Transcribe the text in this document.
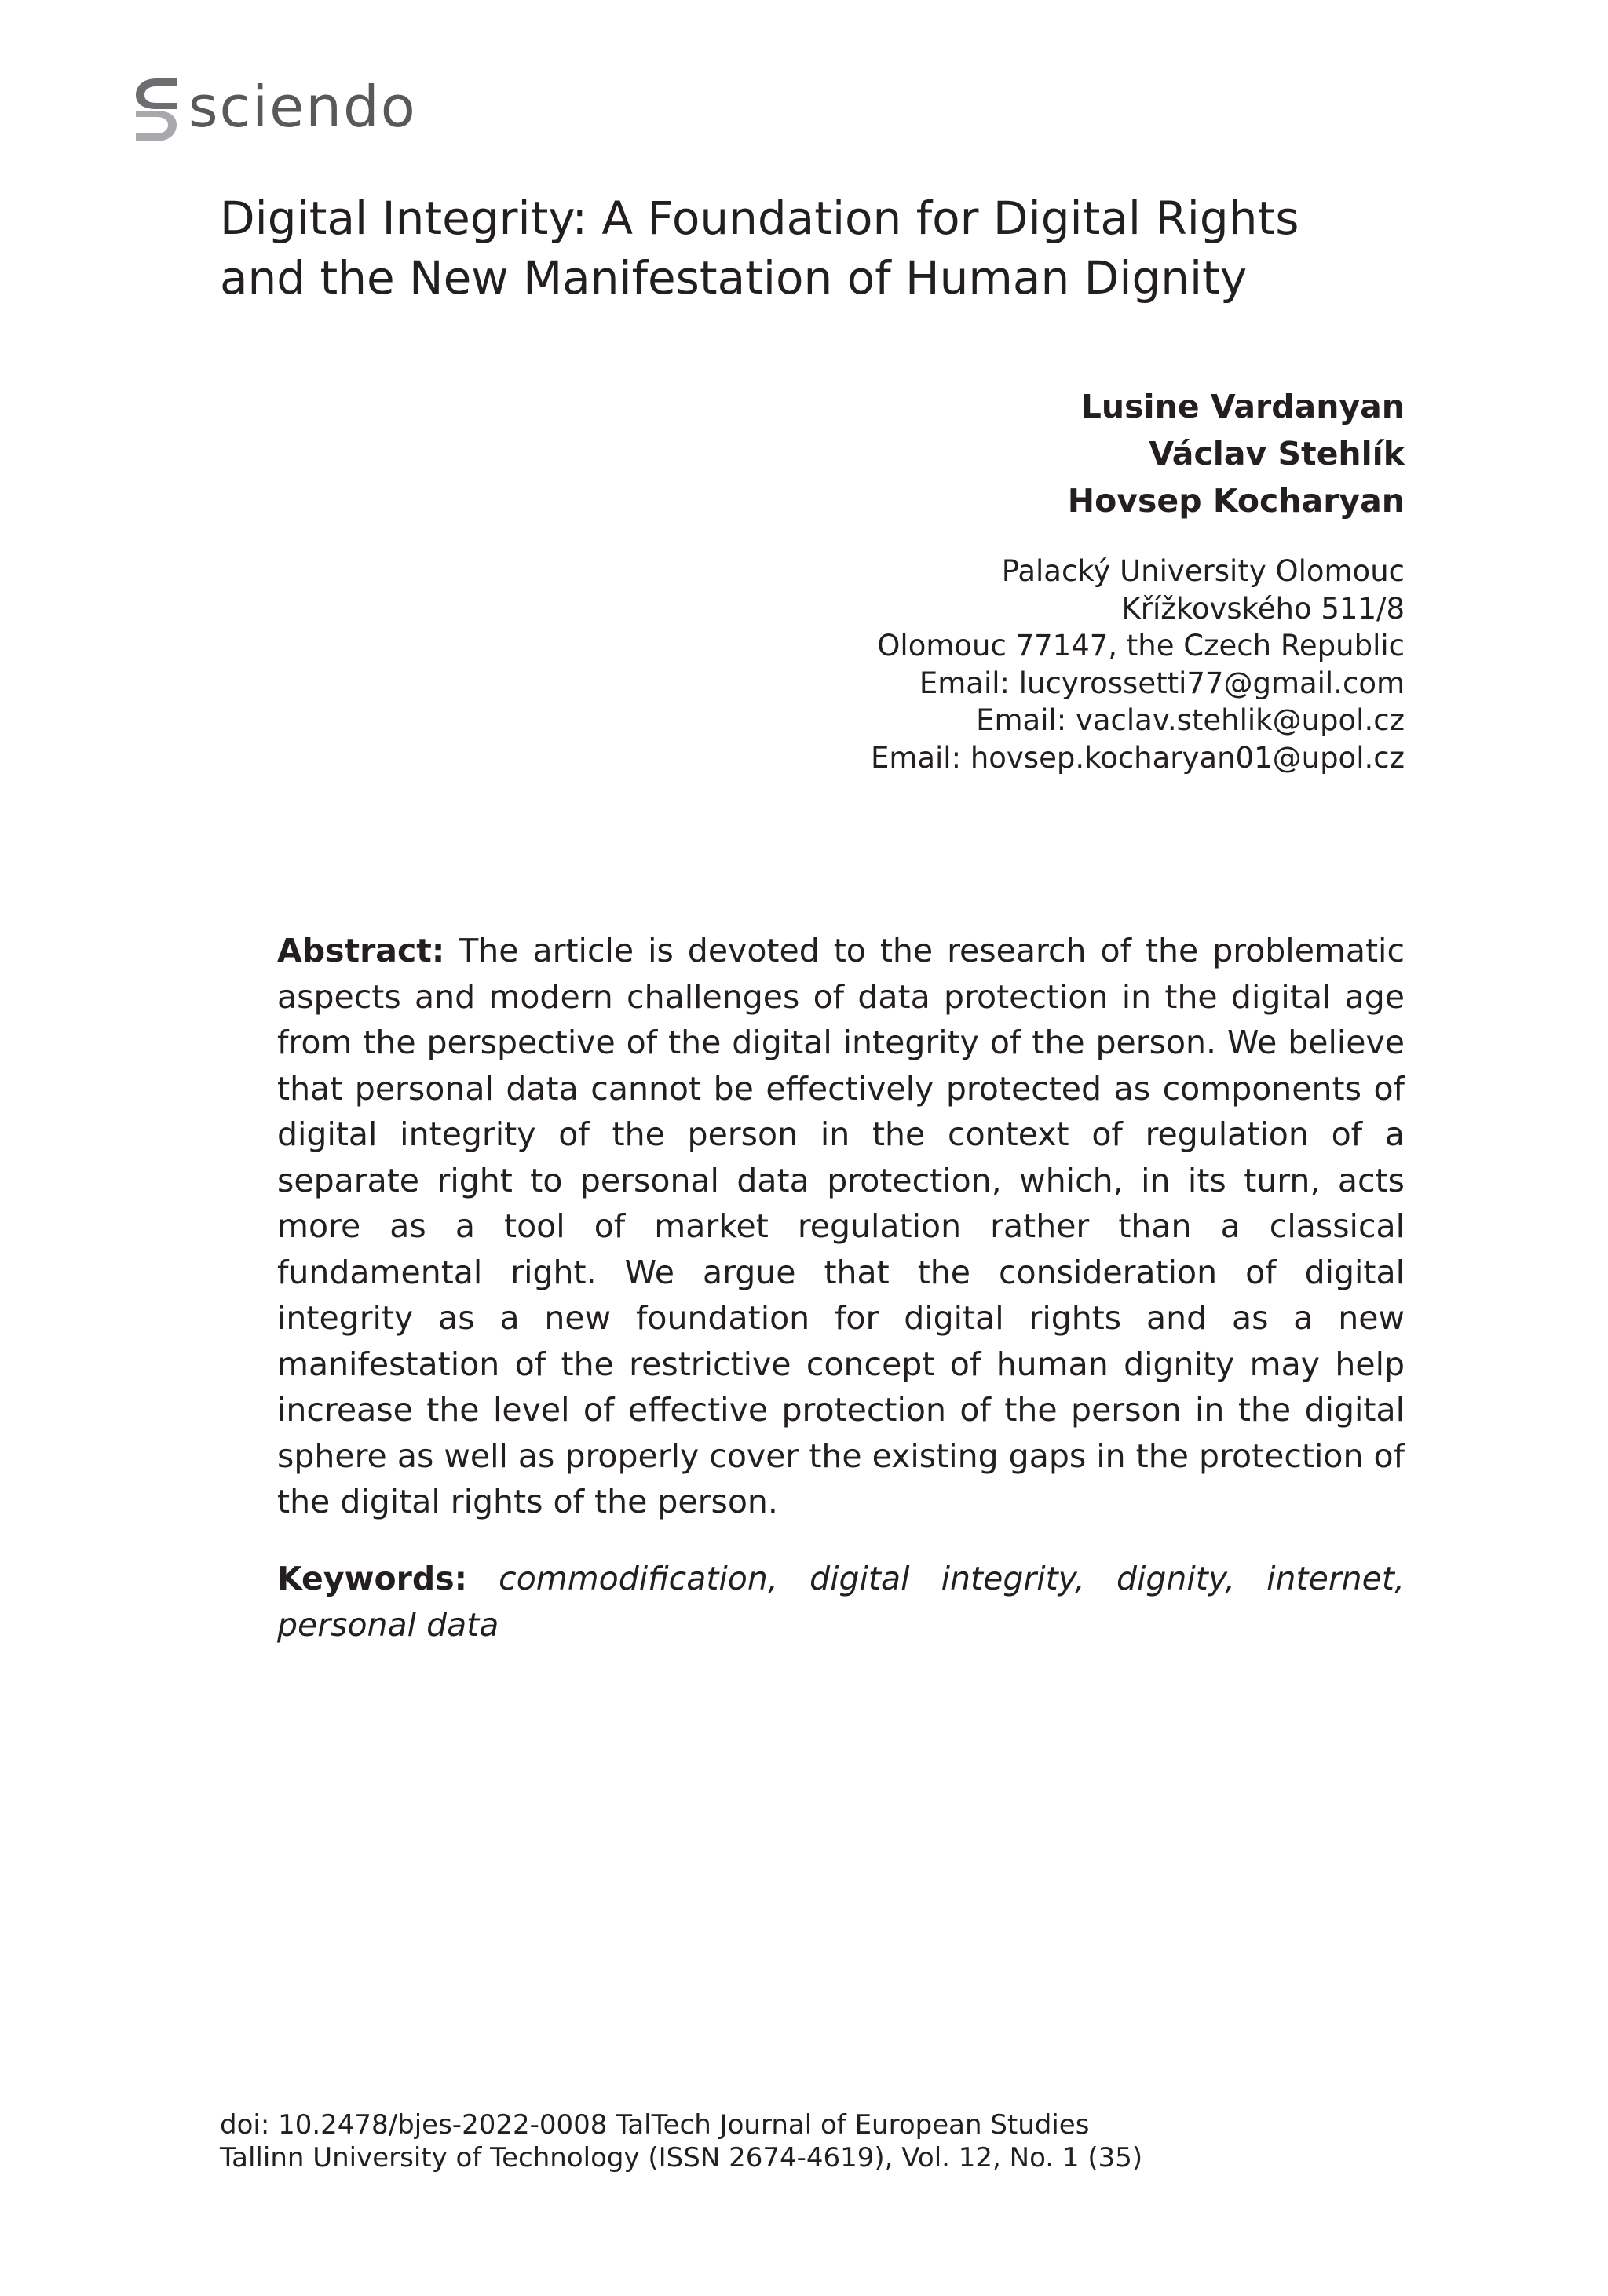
sciendo
Digital Integrity: A Foundation for Digital Rights
and the New Manifestation of Human Dignity
Lusine Vardanyan
Václav Stehlík
Hovsep Kocharyan
Palacký University Olomouc
Křížkovského 511/8
Olomouc 77147, the Czech Republic
Email: lucyrossetti77@gmail.com
Email: vaclav.stehlik@upol.cz
Email: hovsep.kocharyan01@upol.cz

Abstract: The article is devoted to the research of the problematic aspects and modern challenges of data protection in the digital age from the perspective of the digital integrity of the person. We believe that personal data cannot be effectively protected as components of digital integrity of the person in the context of regulation of a separate right to personal data protection, which, in its turn, acts more as a tool of market regulation rather than a classical fundamental right. We argue that the consideration of digital integrity as a new foundation for digital rights and as a new manifestation of the restrictive concept of human dignity may help increase the level of effective protection of the person in the digital sphere as well as properly cover the existing gaps in the protection of the digital rights of the person.

Keywords: commodification, digital integrity, dignity, internet, personal data

doi: 10.2478/bjes-2022-0008 TalTech Journal of European Studies
Tallinn University of Technology (ISSN 2674-4619), Vol. 12, No. 1 (35)
